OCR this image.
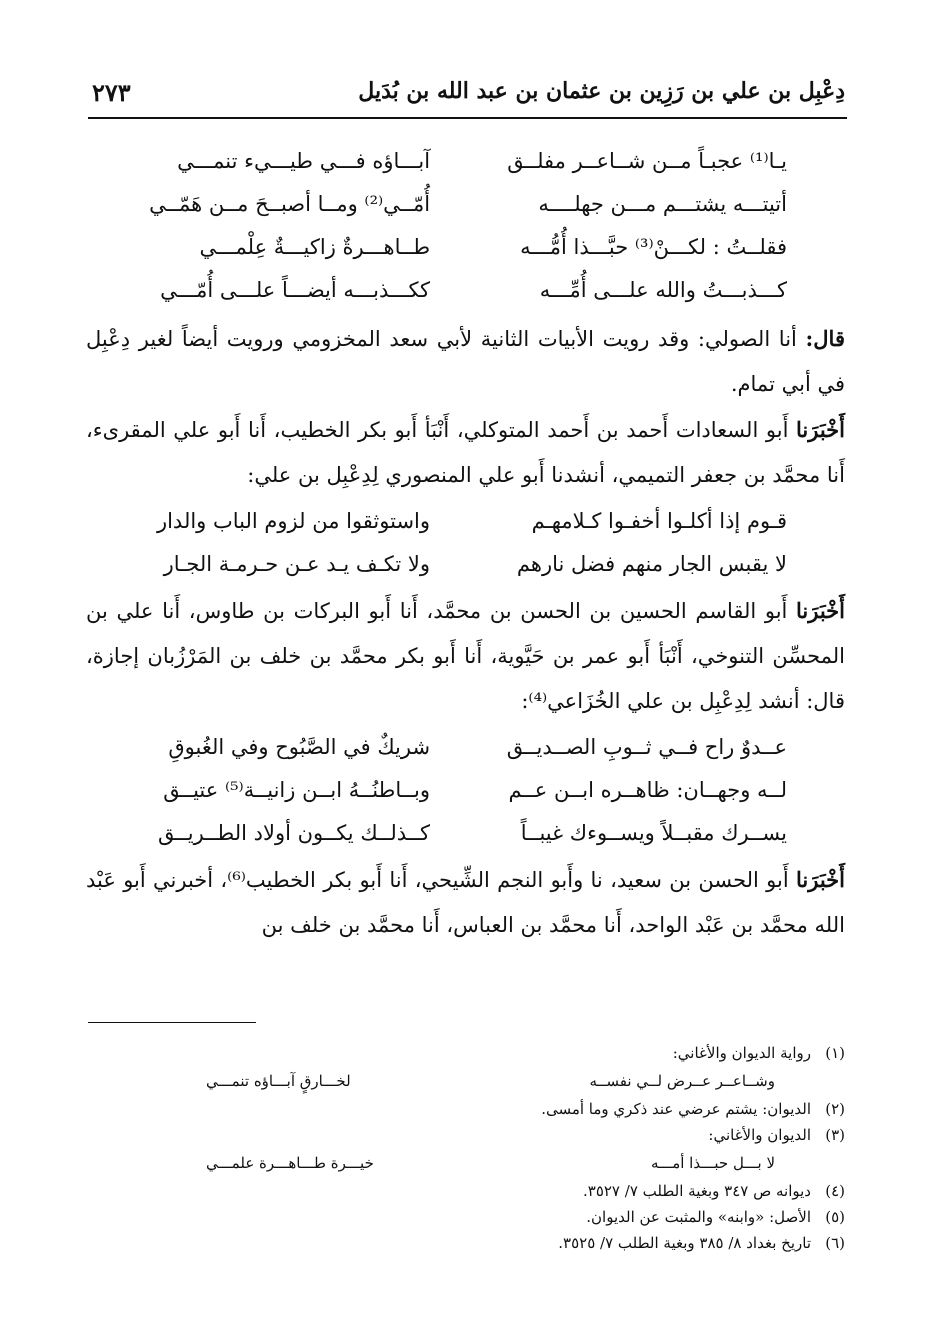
دِعْبِل بن علي بن رَزِين بن عثمان بن عبد الله بن بُدَيل
٢٧٣
يـا⁽¹⁾ عجبـاً مــن شــاعــر مفلــق
آبـــاؤه فـــي طيـــيء تنمـــي
أتيتـــه يشتـــم مـــن جهلــــه
أُمّــي⁽²⁾ ومــا أصبــحَ مــن هَمّــي
فقلــتُ : لكـــنْ⁽³⁾ حبَّـــذا أُمُّـــه
طــاهـــرةٌ زاكيـــةٌ عِلْمـــي
كـــذبـــتُ والله علـــى أُمِّـــه
ككـــذبـــه أيضـــاً علـــى أُمّـــي

قال: أنا الصولي: وقد رويت الأبيات الثانية لأبي سعد المخزومي ورويت أيضاً لغير دِعْبِل في أبي تمام.

أَخْبَرَنا أَبو السعادات أَحمد بن أَحمد المتوكلي، أَنْبَأ أَبو بكر الخطيب، أَنا أَبو علي المقرىء، أَنا محمَّد بن جعفر التميمي، أنشدنا أَبو علي المنصوري لِدِعْبِل بن علي:

قـوم إذا أكلـوا أخفـوا كـلامهـم
واستوثقوا من لزوم الباب والدار
لا يقبس الجار منهم فضل نارهم
ولا تكـف يـد عـن حـرمـة الجـار

أَخْبَرَنا أَبو القاسم الحسين بن الحسن بن محمَّد، أَنا أَبو البركات بن طاوس، أَنا علي بن المحسِّن التنوخي، أَنْبَأ أَبو عمر بن حَيَّوية، أَنا أَبو بكر محمَّد بن خلف بن المَرْزُبان إجازة، قال: أنشد لِدِعْبِل بن علي الخُزَاعي⁽⁴⁾:

عــدوٌ راح فــي ثــوبِ الصــديــق
شريكٌ في الصَّبُوح وفي الغُبوقِ
لــه وجهــان: ظاهــره ابــن عــم
وبــاطنُــهُ ابــن زانيــة⁽⁵⁾ عتيــق
يســرك مقبــلاً ويســوءك غيبــاً
كــذلــك يكــون أولاد الطــريــق

أَخْبَرَنا أَبو الحسن بن سعيد، نا وأَبو النجم الشِّيحي، أَنا أَبو بكر الخطيب⁽⁶⁾، أخبرني أَبو عَبْد الله محمَّد بن عَبْد الواحد، أَنا محمَّد بن العباس، أَنا محمَّد بن خلف بن

(١)رواية الديوان والأغاني:
وشــاعــر عــرض لــي نفســه
لخـــارقٍ آبـــاؤه تنمـــي
(٢)الديوان: يشتم عرضي عند ذكري وما أمسى.
(٣)الديوان والأغاني:
لا بـــل حبـــذا أمـــه
خيـــرة طـــاهـــرة علمـــي
(٤)ديوانه ص ٣٤٧ وبغية الطلب ٧/ ٣٥٢٧.
(٥)الأصل: «وابنه» والمثبت عن الديوان.
(٦)تاريخ بغداد ٨/ ٣٨٥ وبغية الطلب ٧/ ٣٥٢٥.
